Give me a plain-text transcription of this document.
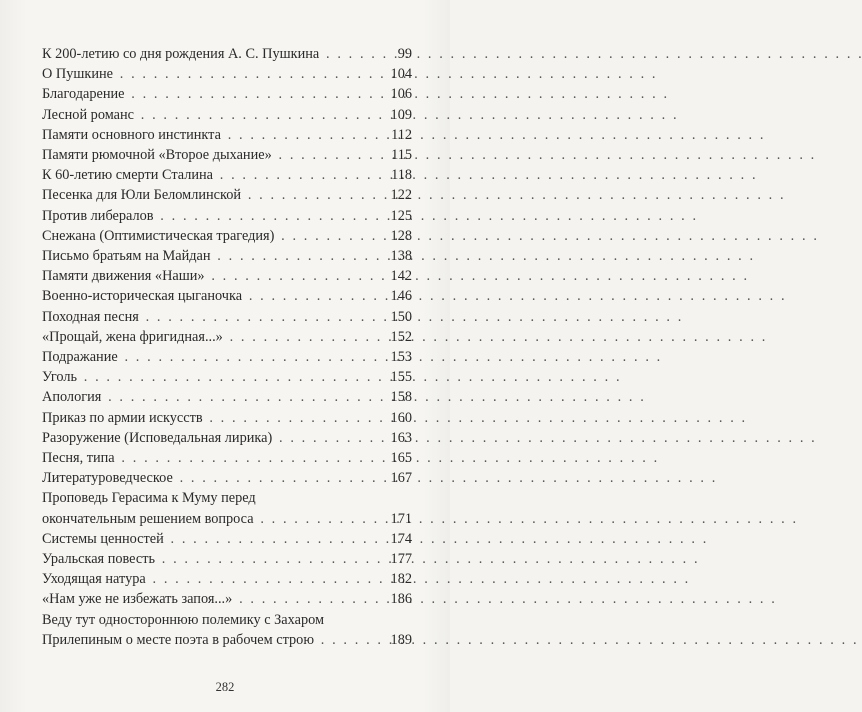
К 200-летию со дня рождения А. С. Пушкина . .	99
О Пушкине . .	104
Благодарение . .	106
Лесной романс . .	109
Памяти основного инстинкта . .	112
Памяти рюмочной «Второе дыхание» . .	115
К 60-летию смерти Сталина . .	118
Песенка для Юли Беломлинской . .	122
Против либералов . .	125
Снежана (Оптимистическая трагедия) . .	128
Письмо братьям на Майдан . .	138
Памяти движения «Наши» . .	142
Военно-историческая цыганочка . .	146
Походная песня . .	150
«Прощай, жена фригидная...» . .	152
Подражание . .	153
Уголь . .	155
Апология . .	158
Приказ по армии искусств . .	160
Разоружение (Исповедальная лирика) . .	163
Песня, типа . .	165
Литературоведческое . .	167
Проповедь Герасима к Муму перед
окончательным решением вопроса . .	171
Системы ценностей . .	174
Уральская повесть . .	177
Уходящая натура . .	182
«Нам уже не избежать запоя...» . .	186
Веду тут одностороннюю полемику с Захаром
Прилепиным о месте поэта в рабочем строю . .	189
282
